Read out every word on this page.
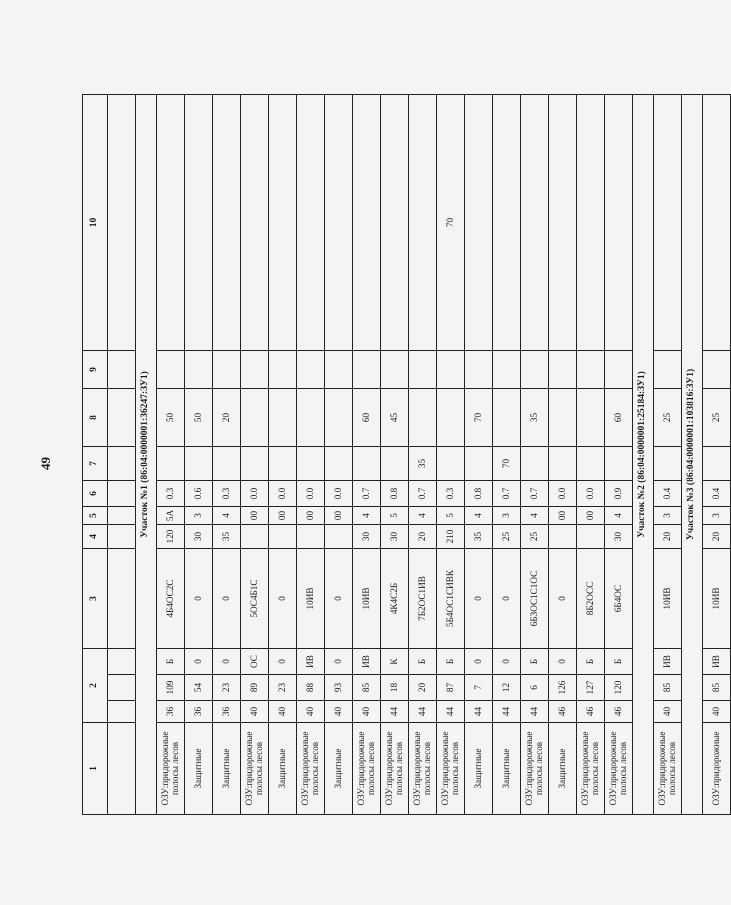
49
1	2			3	4	5	6	7	8	9	10

Участок №1 (86:04:0000001:36247:ЗУ1)											
ОЗУ:придорожные полосы лесов	36	109	Б	4Б4ОС2С	120	5А	0.3		50		
Защитные	36	54	0	0	30	3	0.6		50		
Защитные	36	23	0	0	35	4	0.3		20		
ОЗУ:придорожные полосы лесов	40	89	ОС	5ОС4Б1С		00	0.0				
Защитные	40	23	0	0		00	0.0				
ОЗУ:придорожные полосы лесов	40	88	ИВ	10ИВ		00	0.0				
Защитные	40	93	0	0		00	0.0				
ОЗУ:придорожные полосы лесов	40	85	ИВ	10ИВ	30	4	0.7		60		
ОЗУ:придорожные полосы лесов	44	18	К	4К4С2Б	30	5	0.8		45		
ОЗУ:придорожные полосы лесов	44	20	Б	7Б2ОС1ИВ	20	4	0.7	35			
ОЗУ:придорожные полосы лесов	44	87	Б	5Б4ОС1СИВК	210	5	0.3				70
Защитные	44	7	0	0	35	4	0.8		70		
Защитные	44	12	0	0	25	3	0.7	70			
ОЗУ:придорожные полосы лесов	44	6	Б	6Б3ОС1С1ОС	25	4	0.7		35		
Защитные	46	126	0	0		00	0.0				
ОЗУ:придорожные полосы лесов	46	127	Б	8Б2ОСС		00	0.0				
ОЗУ:придорожные полосы лесов	46	120	Б	6Б4ОС	30	4	0.9		60		
Участок №2 (86:04:0000001:25184:ЗУ1)											
ОЗУ:придорожные полосы лесов	40	85	ИВ	10ИВ	20	3	0.4		25		
Участок №3 (86:04:0000001:103816:ЗУ1)											
ОЗУ:придорожные	40	85	ИВ	10ИВ	20	3	0.4		25		
